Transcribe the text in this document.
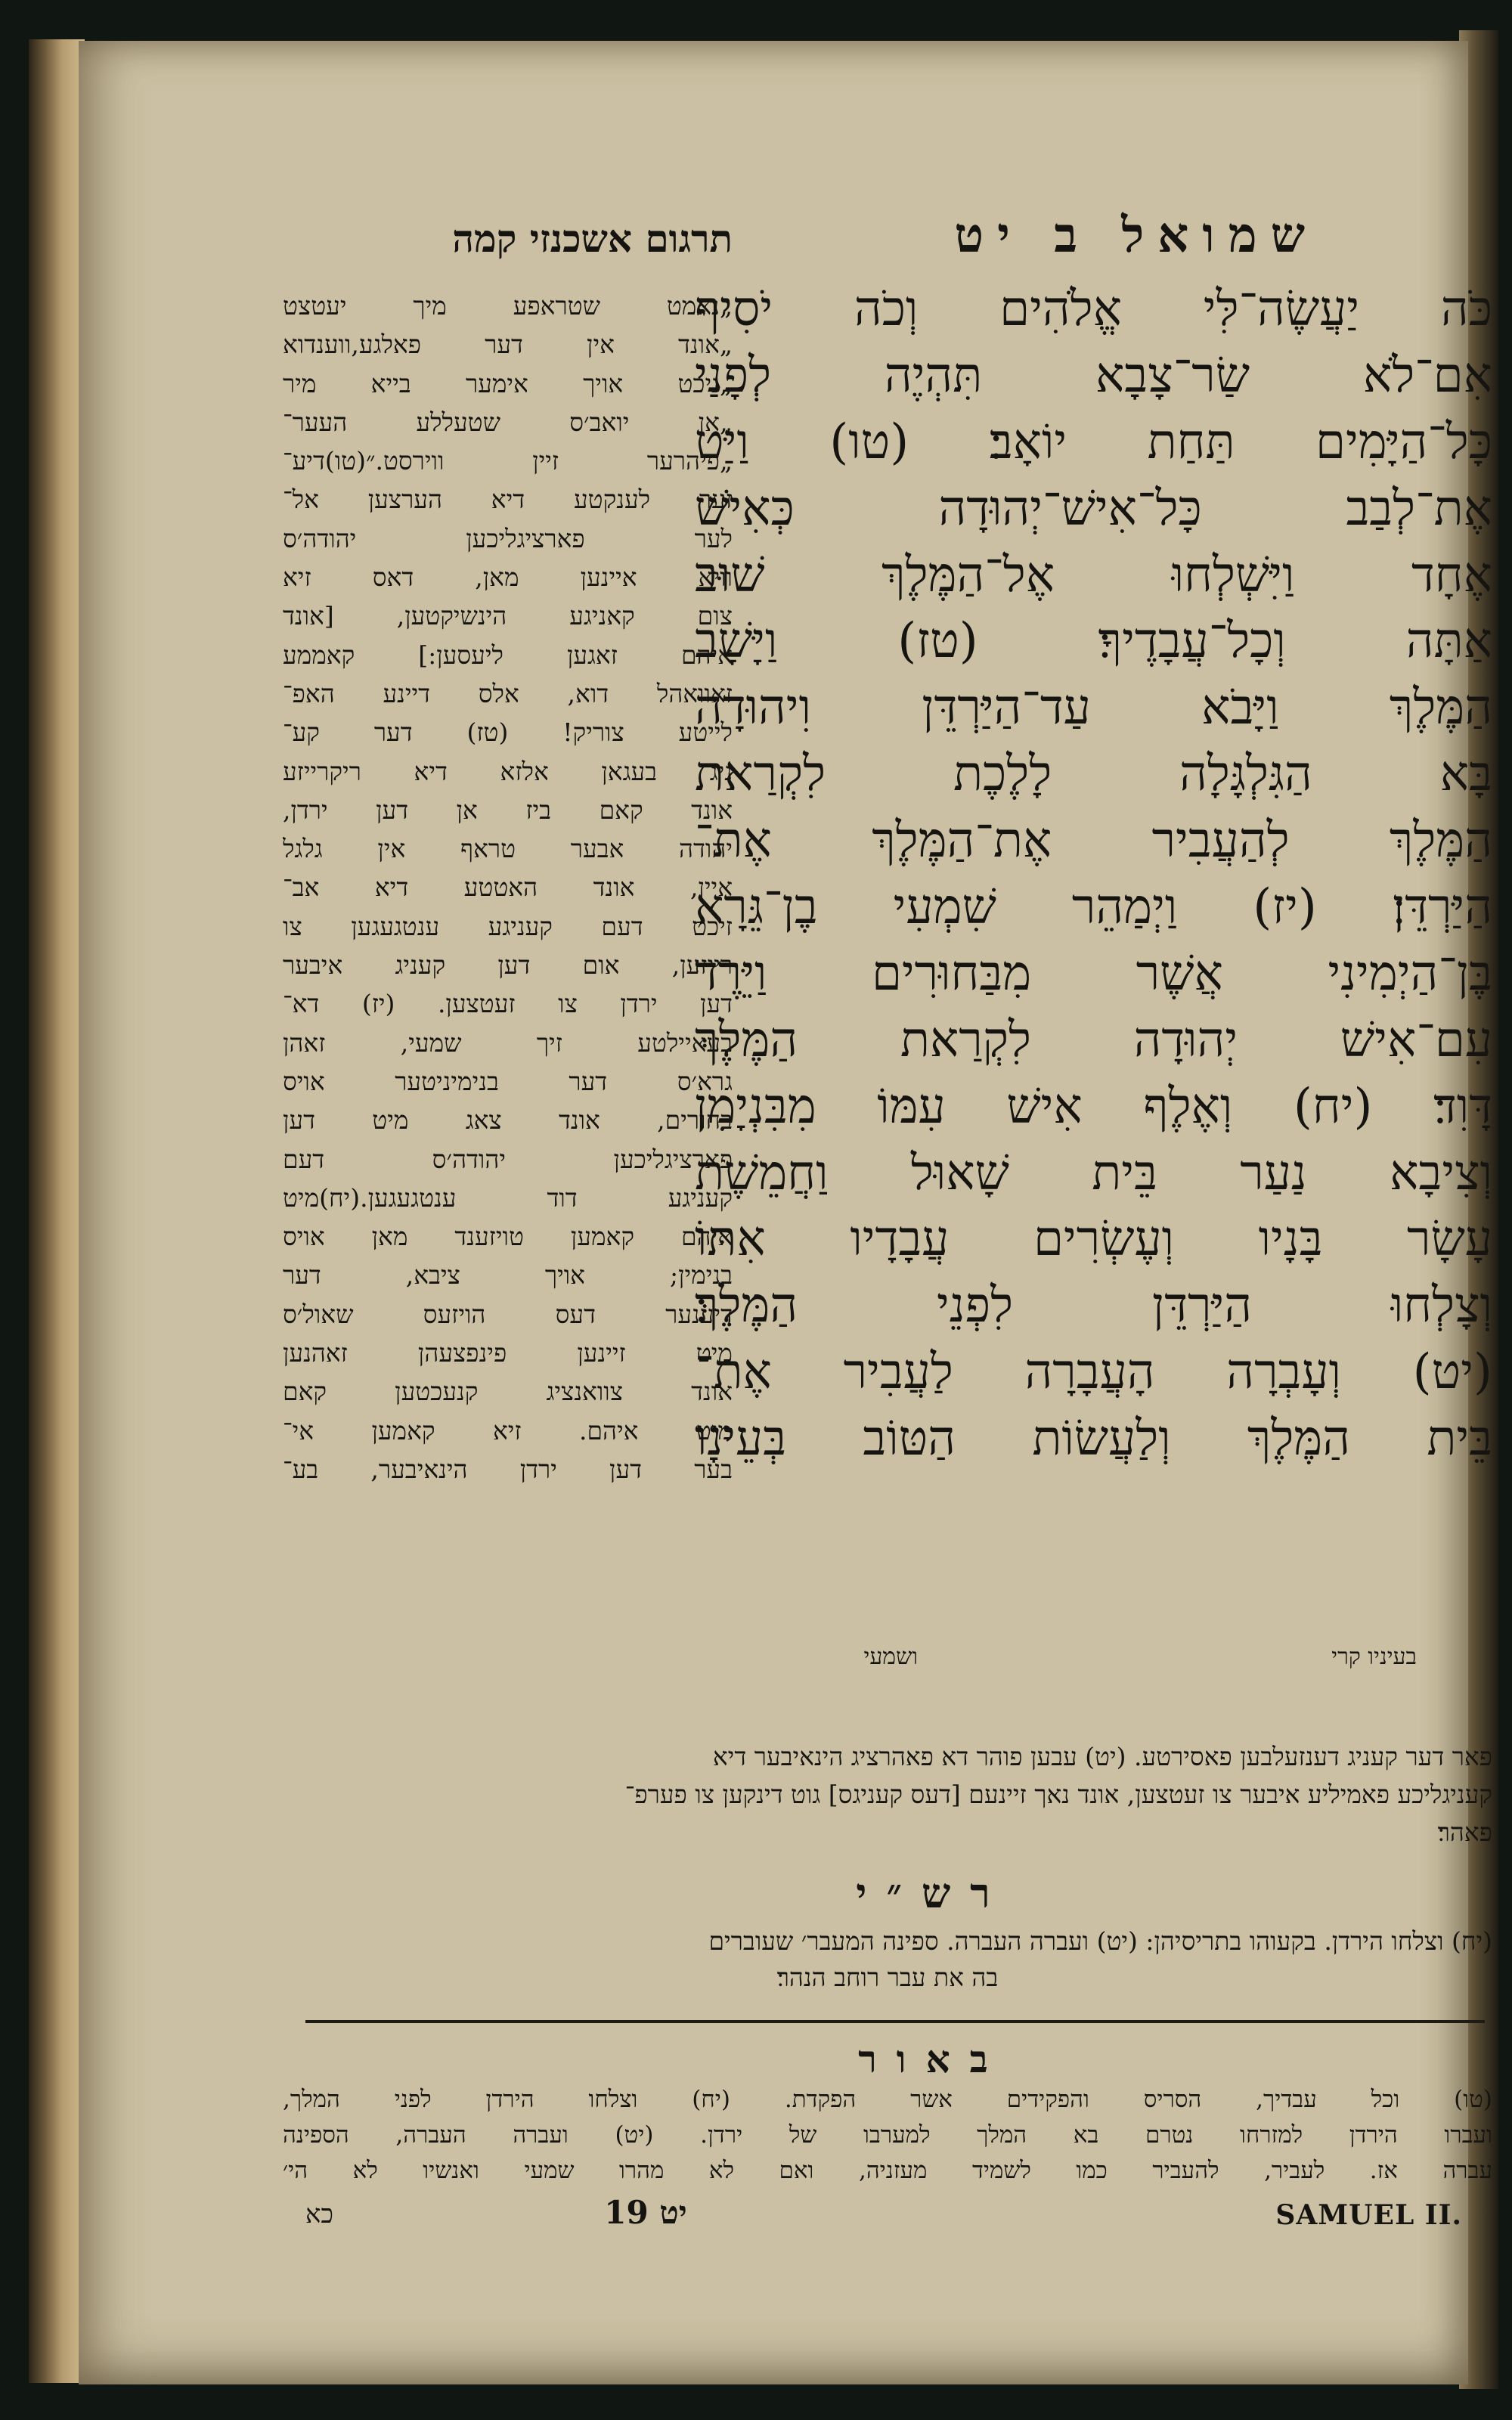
שמואל ב יט
תרגום אשכנזי קמה
כֹּה יַעֲשֶׂה־לִּי אֱלֹהִים וְכֹה יֹסִיף
אִם־לֹא שַׂר־צָבָא תִּהְיֶה לְפָנַי
כָּל־הַיָּמִים תַּחַת יוֹאָב׃ (טו) וַיַּט
אֶת־לְבַב כָּל־אִישׁ־יְהוּדָה כְּאִישׁ
אֶחָד וַיִּשְׁלְחוּ אֶל־הַמֶּלֶךְ שׁוּב
אַתָּה וְכָל־עֲבָדֶיךָ׃ (טז) וַיָּשָׁב
הַמֶּלֶךְ וַיָּבֹא עַד־הַיַּרְדֵּן וִיהוּדָה
בָּא הַגִּלְגָּלָה לָלֶכֶת לִקְרַאת
הַמֶּלֶךְ לְהַעֲבִיר אֶת־הַמֶּלֶךְ אֶת־
הַיַּרְדֵּן׃ (יז) וַיְמַהֵר שִׁמְעִי בֶן־גֵּרָא
בֶּן־הַיְמִינִי אֲשֶׁר מִבַּחוּרִים וַיֵּרֶד
עִם־אִישׁ יְהוּדָה לִקְרַאת הַמֶּלֶךְ
דָּוִד׃ (יח) וְאֶלֶף אִישׁ עִמּוֹ מִבִּנְיָמִן
וְצִיבָא נַעַר בֵּית שָׁאוּל וַחֲמֵשֶׁת
עָשָׂר בָּנָיו וְעֶשְׂרִים עֲבָדָיו אִתּוֹ
וְצָלְחוּ הַיַּרְדֵּן לִפְנֵי הַמֶּלֶךְ׃
(יט) וְעָבְרָה הָעֲבָרָה לַעֲבִיר אֶת־
בֵּית הַמֶּלֶךְ וְלַעֲשׂוֹת הַטּוֹב בְּעֵינָו
„נאמט שטראפע מיך יעטצט
„אונד אין דער פאלגע,ווענדוא
„ניכט אויך אימער בייא מיר
„אן יואב׳ס שטעללע העער־
„פיהרער זיין ווירסט.״(טו)דיע־
זער לענקטע דיא הערצען אל־
לער פארציגליכען יהודה׳ס
וויא איינען מאן, דאס זיא
צום קאניגע הינשיקטען, [אונד
איהם זאגען ליעסען:] קאממע
זאוואהל דוא, אלס דיינע האפ־
לייטע צוריק! (טז) דער קע־
ניג בעגאן אלזא דיא ריקרייזע
אונד קאם ביז אן דען ירדן,
יהודה אבער טראף אין גלגל
איין, אונד האטטע דיא אב־
זיכט דעם קעניגע ענטגעגען צו
רייזען, אום דען קעניג איבער
דען ירדן צו זעטצען. (יז) דא־
בעאיילטע זיך שמעי, זאהן
גרא׳ס דער בנימיניטער אויס
בחורים, אונד צאג מיט דען
פארציגליכען יהודה׳ס דעם
קעניגע דוד ענטגעגען.(יח)מיט
איהם קאמען טויזענד מאן אויס
בנימין; אויך ציבא, דער
דיענער דעס הויזעס שאול׳ס
מיט זיינען פינפצעהן זאהנען
אונד צוואנציג קנעכטען קאם
מיט איהם. זיא קאמען אי־
בער דען ירדן הינאיבער, בע־
בעיניו קרי
ושמעי
פאר דער קעניג דענזעלבען פאסירטע. (יט) עבען פוהר דא פאהרציג הינאיבער דיא
קעניגליכע פאמיליע איבער צו זעטצען, אונד נאך זיינעם [דעס קעניגס] גוט דינקען צו פערפ־
פאהר׃
רש״י
(יח) וצלחו הירדן. בקעוהו בתריסיהן: (יט) ועברה העברה. ספינה המעבר׳ שעוברים
בה את עבר רוחב הנהר׃
באור
(טו) וכל עבדיך, הסריס והפקידים אשר הפקדת. (יח) וצלחו הירדן לפני המלך,
ועברו הירדן למזרחו נטרם בא המלך למערבו של ירדן. (יט) ועברה העברה, הספינה
עברה אז. לעביר, להעביר כמו לשמיד מעזניה, ואם לא מהרו שמעי ואנשיו לא הי׳
כא	19 יט	SAMUEL II.
